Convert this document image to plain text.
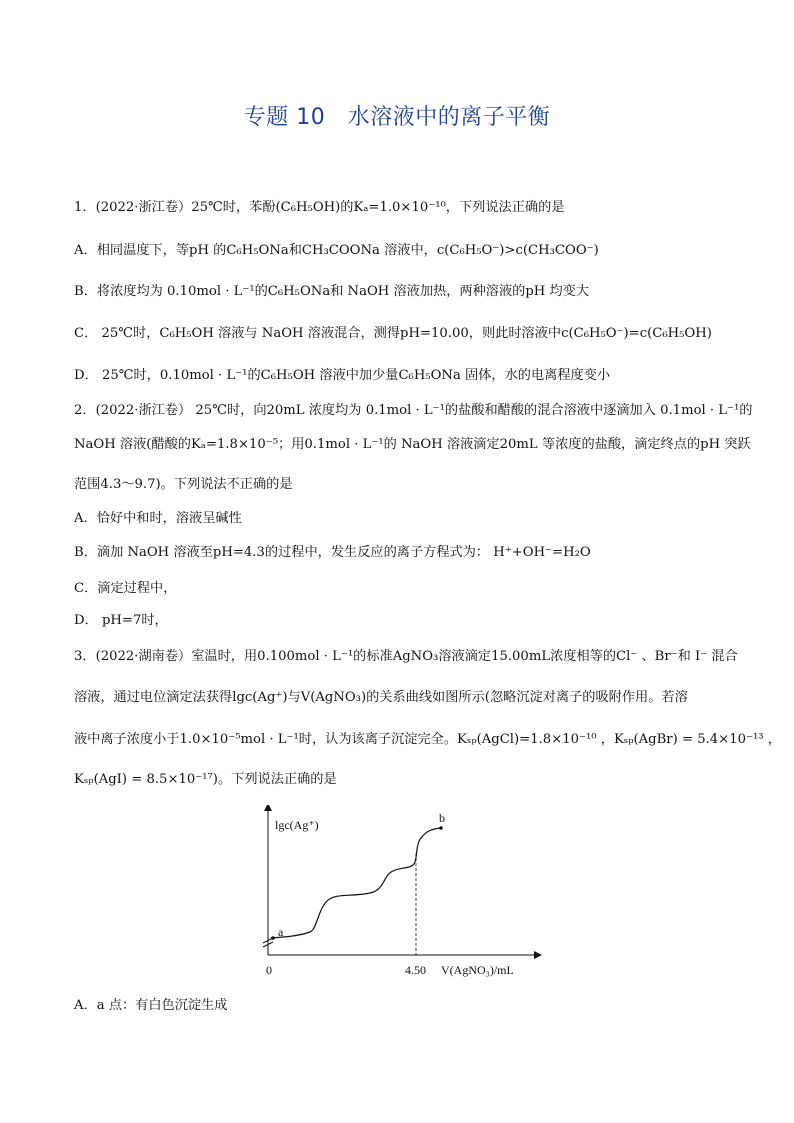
专题 10　水溶液中的离子平衡
1．(2022·浙江卷）25℃时，苯酚(C₆H₅OH)的Kₐ=1.0×10⁻¹⁰，下列说法正确的是
A．相同温度下，等pH 的C₆H₅ONa和CH₃COONa 溶液中，c(C₆H₅O⁻)>c(CH₃COO⁻)
B．将浓度均为 0.10mol · L⁻¹的C₆H₅ONa和 NaOH 溶液加热，两种溶液的pH 均变大
C． 25℃时，C₆H₅OH 溶液与 NaOH 溶液混合，测得pH=10.00，则此时溶液中c(C₆H₅O⁻)=c(C₆H₅OH)
D． 25℃时，0.10mol · L⁻¹的C₆H₅OH 溶液中加少量C₆H₅ONa 固体，水的电离程度变小
2．(2022·浙江卷） 25℃时，向20mL 浓度均为 0.1mol · L⁻¹的盐酸和醋酸的混合溶液中逐滴加入 0.1mol · L⁻¹的
NaOH 溶液(醋酸的Kₐ=1.8×10⁻⁵；用0.1mol · L⁻¹的 NaOH 溶液滴定20mL 等浓度的盐酸，滴定终点的pH 突跃
范围4.3～9.7)。下列说法不正确的是
A．恰好中和时，溶液呈碱性
B．滴加 NaOH 溶液至pH=4.3的过程中，发生反应的离子方程式为： H⁺+OH⁻=H₂O
C．滴定过程中，
D． pH=7时，
3．(2022·湖南卷）室温时，用0.100mol · L⁻¹的标准AgNO₃溶液滴定15.00mL浓度相等的Cl⁻ 、Br⁻和 I⁻ 混合
溶液，通过电位滴定法获得lgc(Ag⁺)与V(AgNO₃)的关系曲线如图所示(忽略沉淀对离子的吸附作用。若溶
液中离子浓度小于1.0×10⁻⁵mol · L⁻¹时，认为该离子沉淀完全。Kₛₚ(AgCl)=1.8×10⁻¹⁰ ，Kₛₚ(AgBr) = 5.4×10⁻¹³ ，
Kₛₚ(AgI) = 8.5×10⁻¹⁷)。下列说法正确的是
lgc(Ag⁺)
a
b
0	4.50 V(AgNO₃)/mL
A．a 点：有白色沉淀生成
